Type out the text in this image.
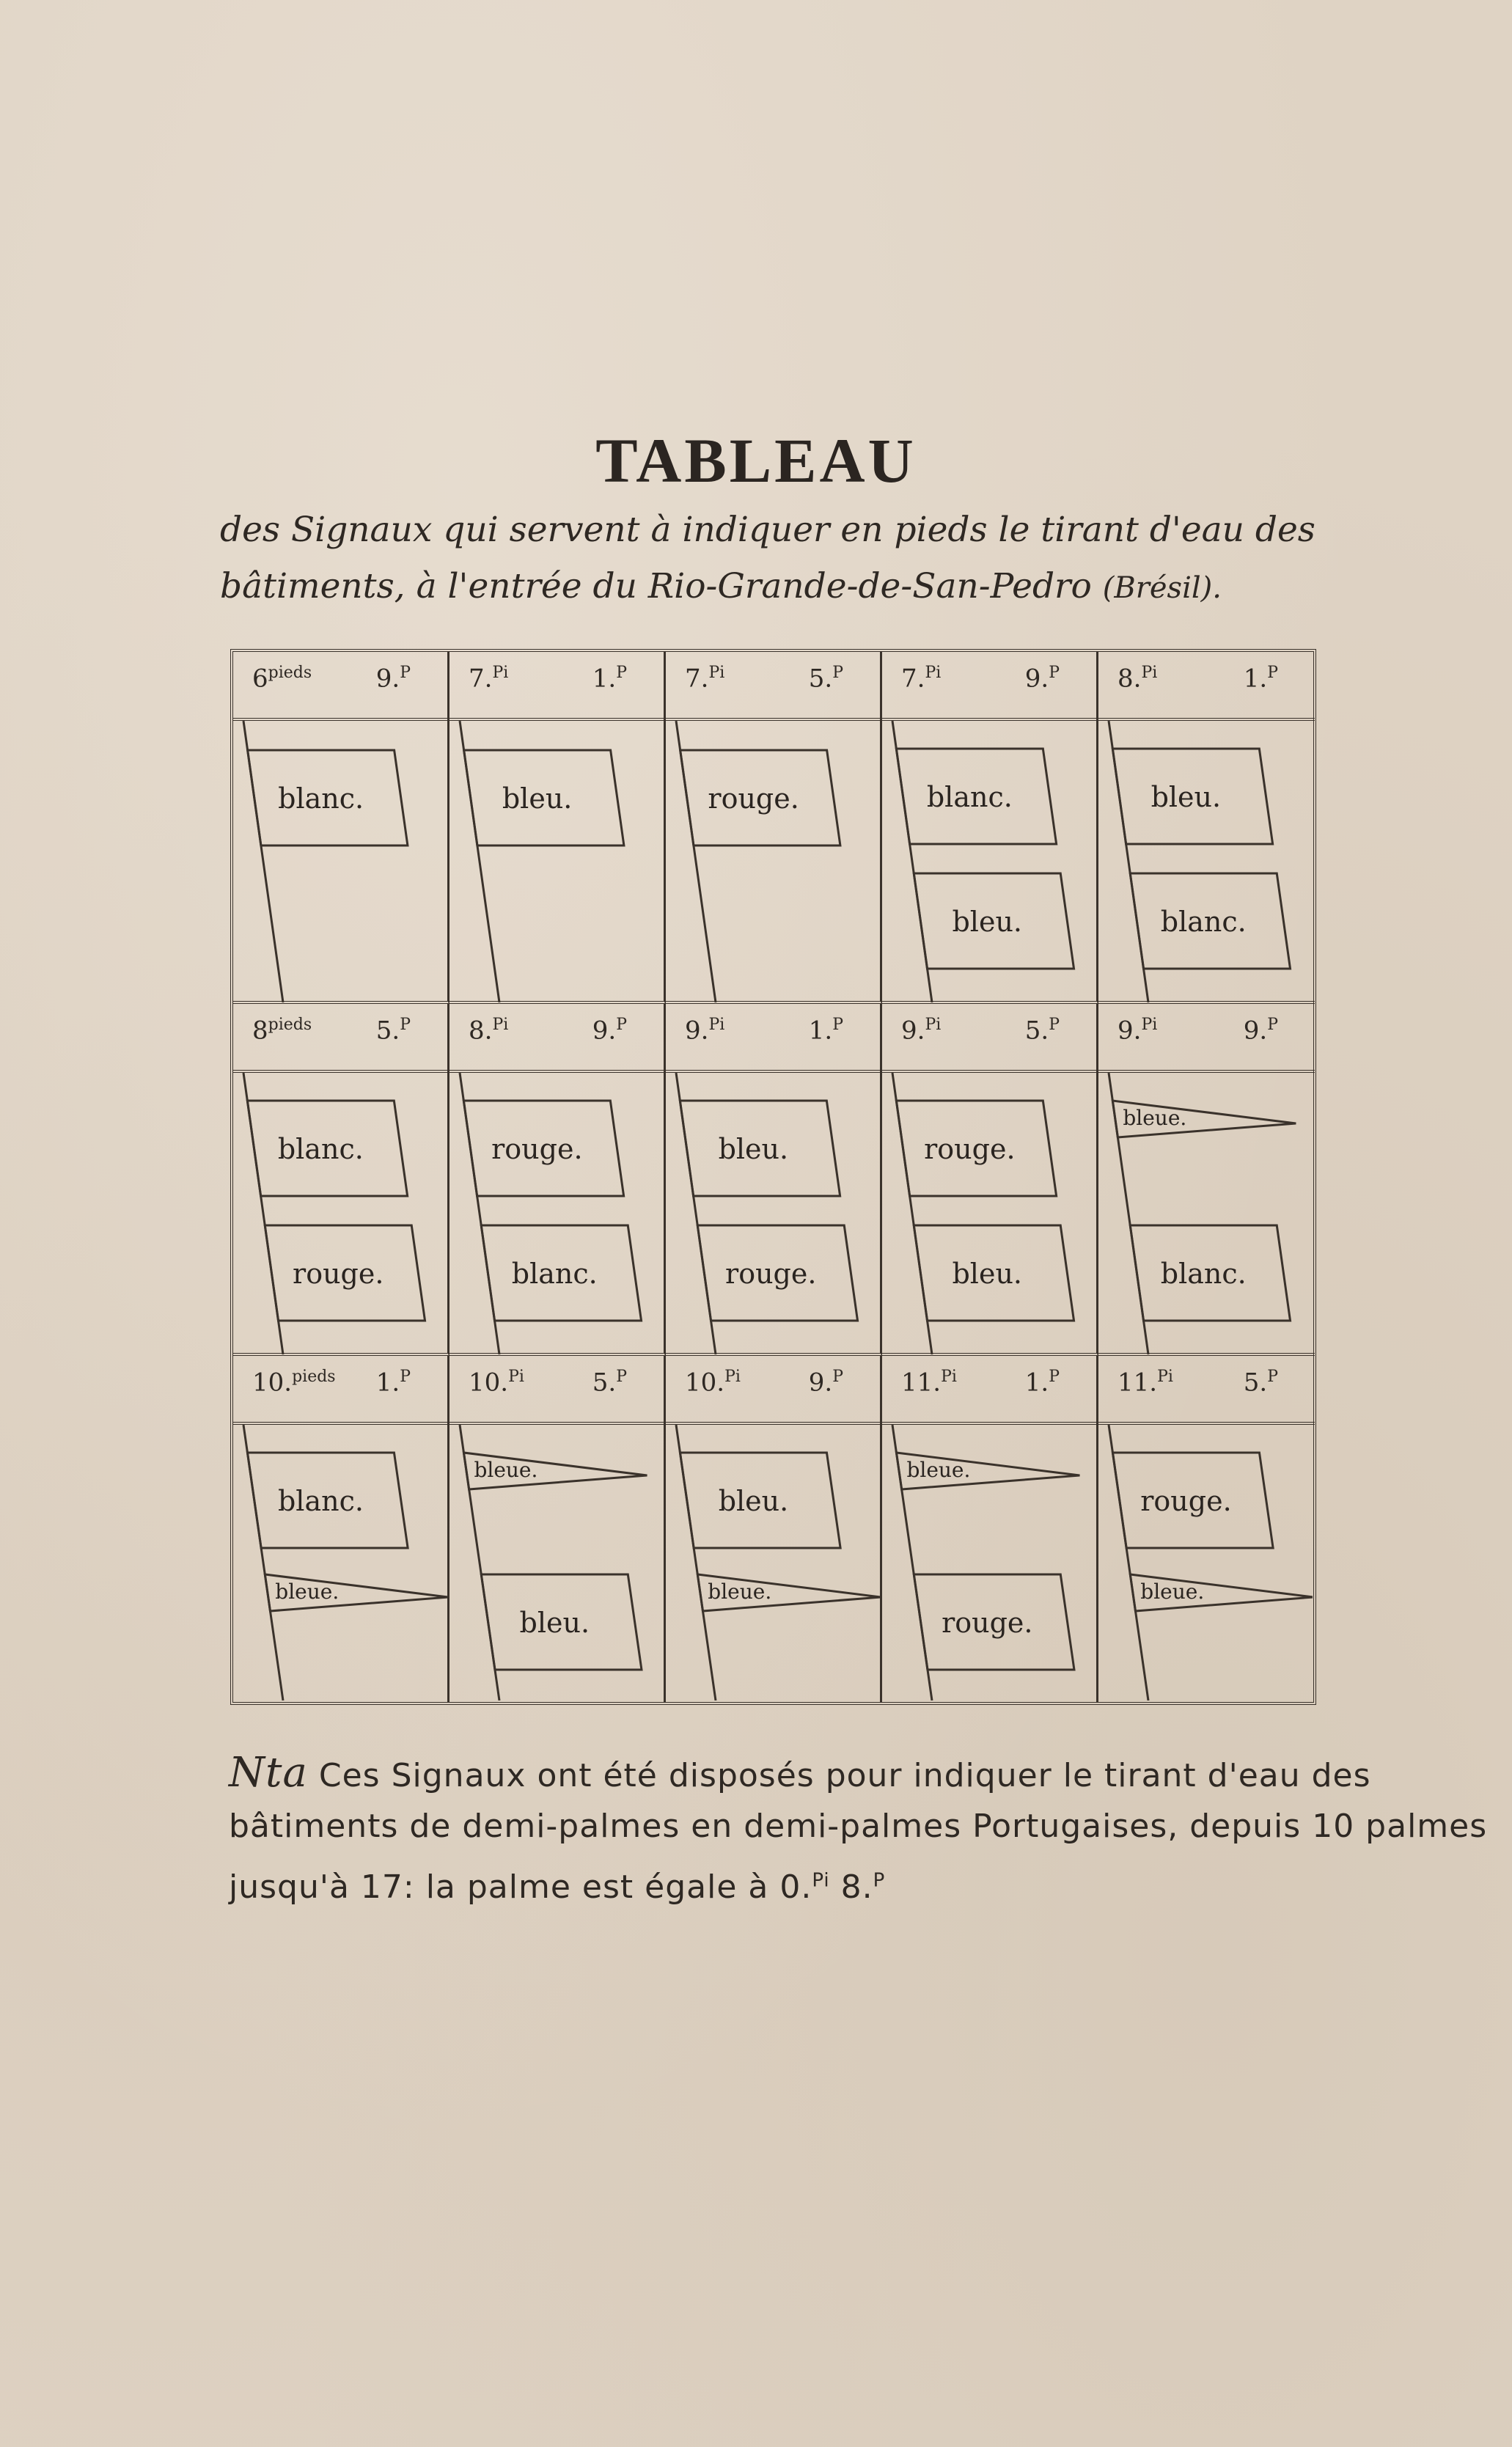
TABLEAU
des Signaux qui servent à indiquer en pieds le tirant d'eau des
bâtiments, à l'entrée du Rio-Grande-de-San-Pedro (Brésil).
$6^{pieds}$	9.$^P$
blanc.
7.$^{Pi}$	1.$^P$
bleu.
7.$^{Pi}$	5.$^P$
rouge.
7.$^{Pi}$	9.$^P$
blanc.
bleu.
8.$^{Pi}$	1.$^P$
bleu.
blanc.
$8^{pieds}$	5.$^P$
blanc.
rouge.
8.$^{Pi}$	9.$^P$
rouge.
blanc.
9.$^{Pi}$	1.$^P$
bleu.
rouge.
9.$^{Pi}$	5.$^P$
rouge.
bleu.
9.$^{Pi}$	9.$^P$
bleue.
blanc.
10.$^{pieds}$ 1.$^P$
blanc.
bleue.
10.$^{Pi}$	5.$^P$
bleue.
bleu.
10.$^{Pi}$	9.$^P$
bleu.
bleue.
11.$^{Pi}$	1.$^P$
bleue.
rouge.
11.$^{Pi}$	5.$^P$
rouge.
bleue.
Nta Ces Signaux ont été disposés pour indiquer le tirant d'eau des
bâtiments de demi-palmes en demi-palmes Portugaises, depuis 10 palmes
jusqu'à 17: la palme est égale à 0.$^{Pi}$ 8.$^P$
